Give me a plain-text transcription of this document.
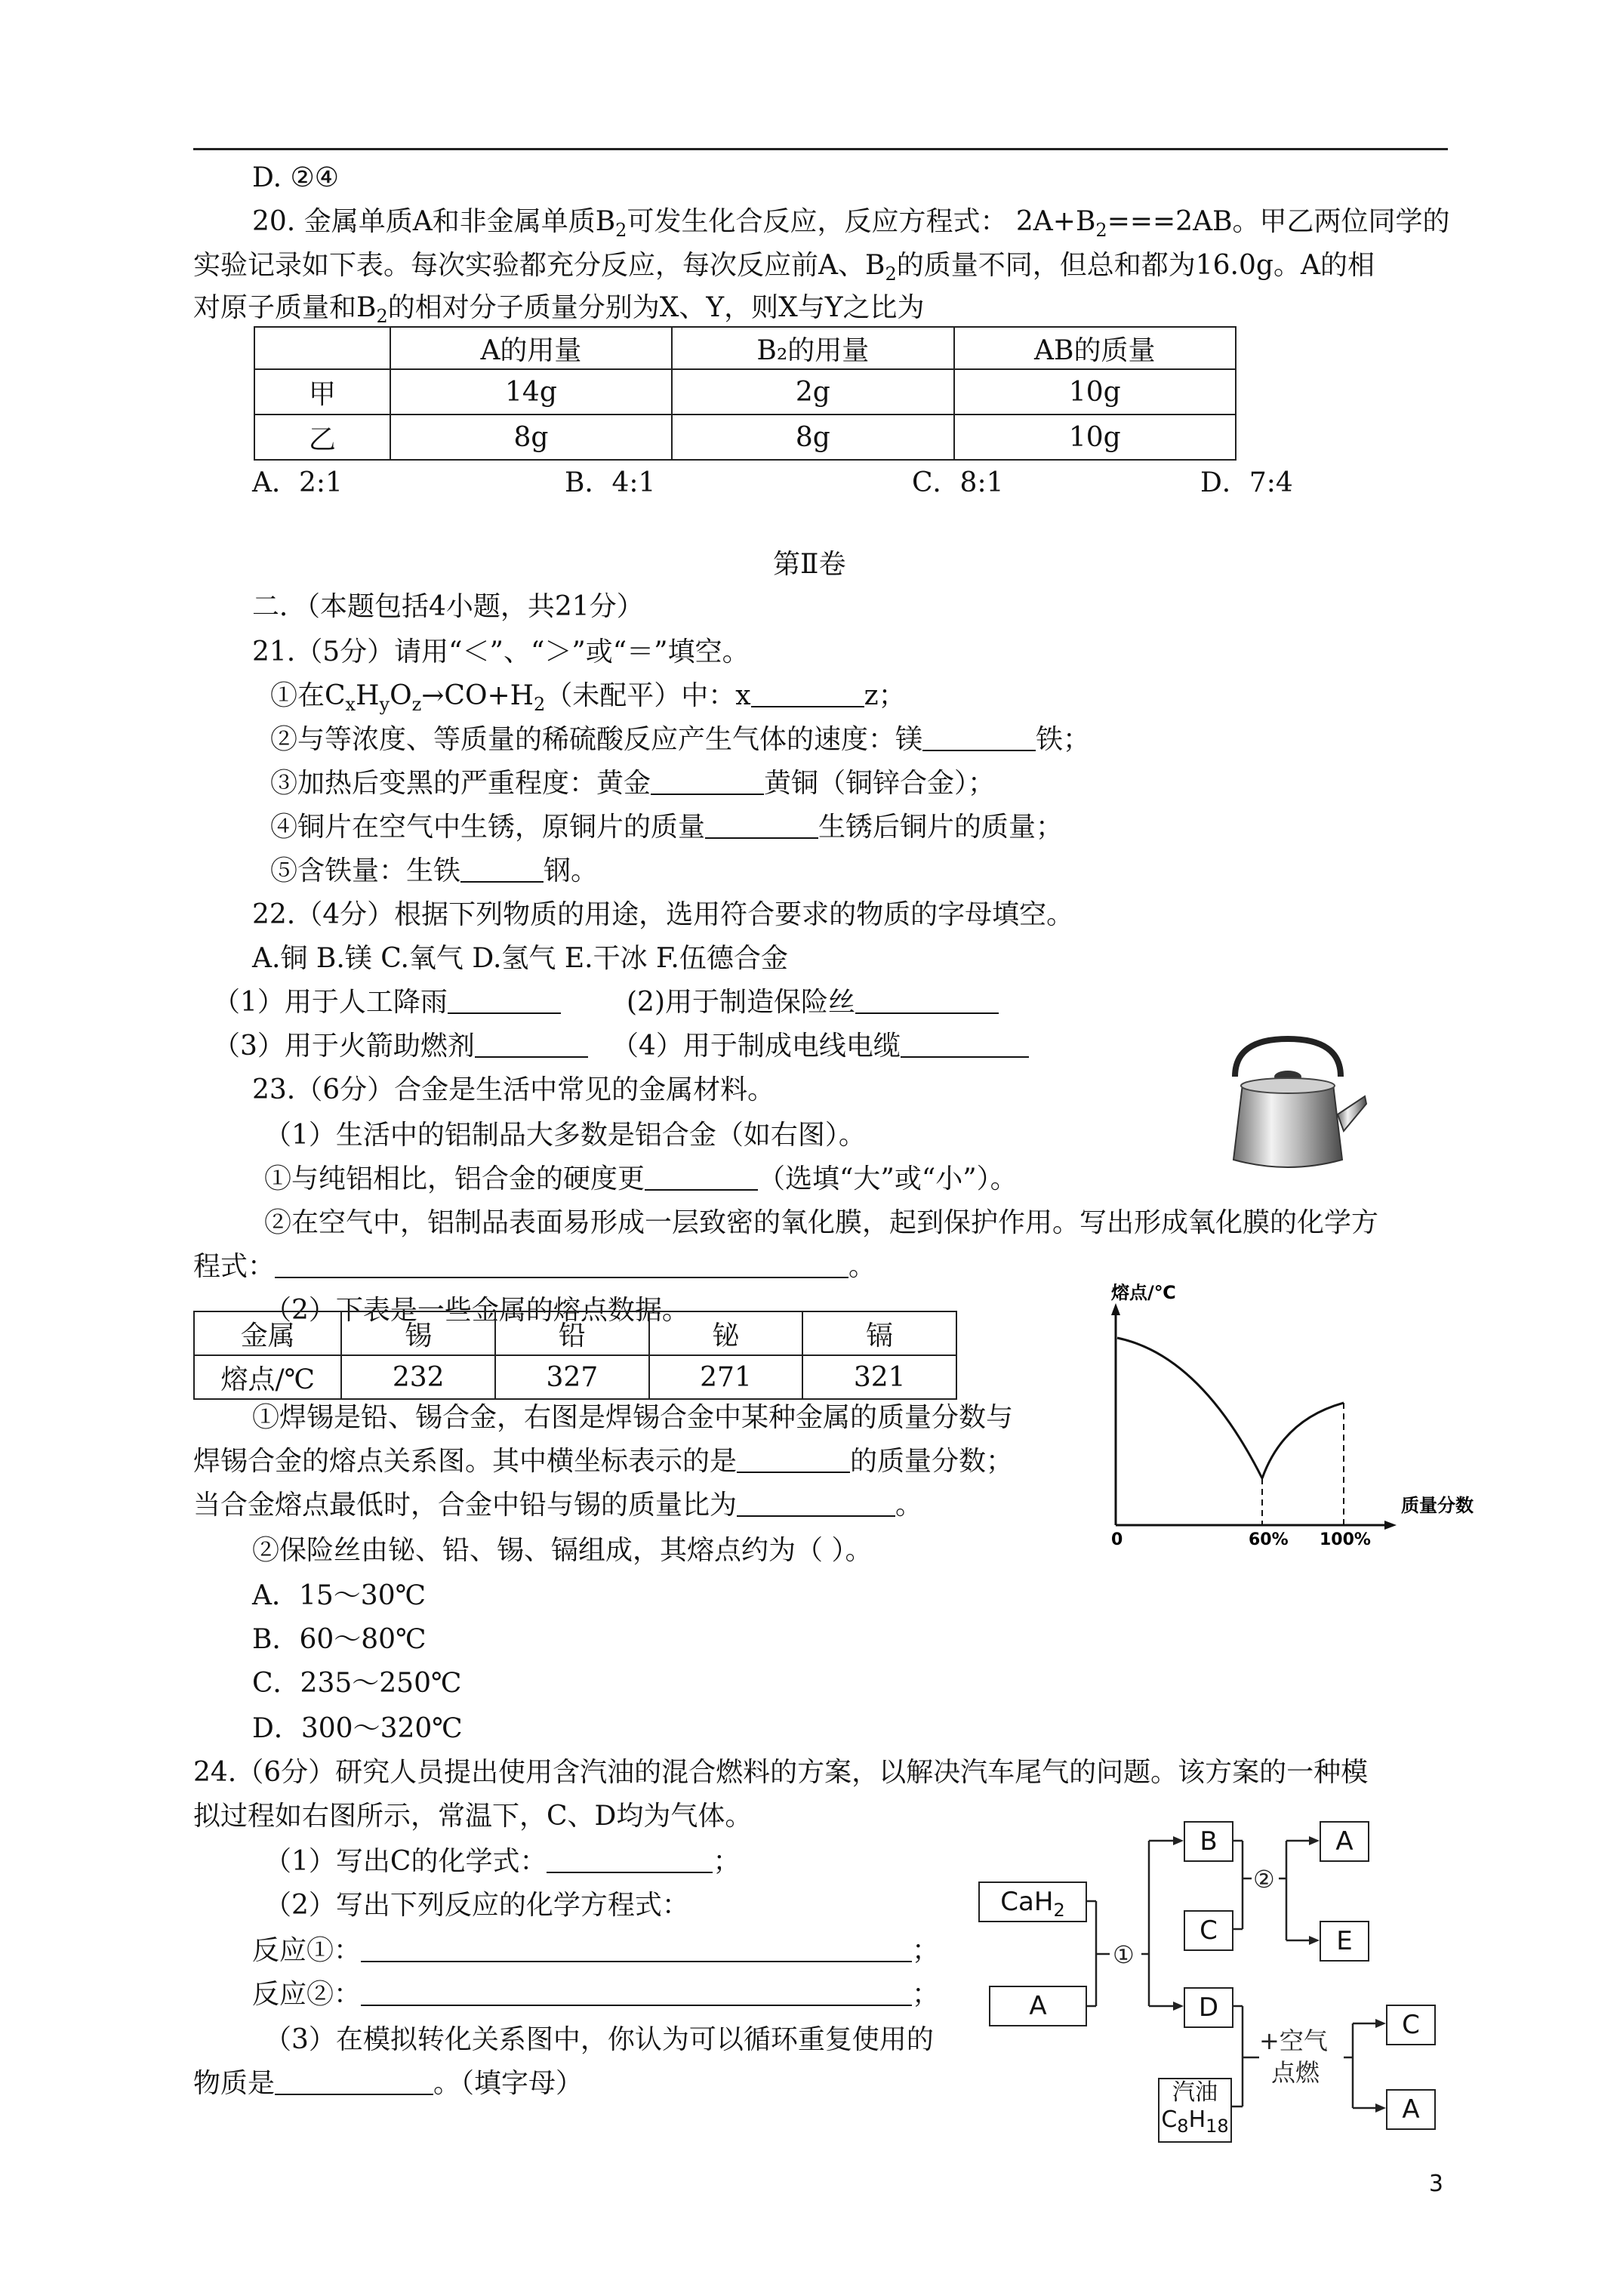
D. ②④
20. 金属单质A和非金属单质$B_2$可发生化合反应，反应方程式： $2A+B_2===2AB$。甲乙两位同学的
实验记录如下表。每次实验都充分反应，每次反应前A、$B_2$的质量不同，但总和都为16.0g。A的相
对原子质量和$B_2$的相对分子质量分别为X、Y，则X与Y之比为
	A的用量	B₂的用量	AB的质量
甲	14g	2g	10g
乙	8g	8g	10g
A．2:1	B．4:1	C．8:1	D．7:4
第Ⅱ卷
二．（本题包括4小题，共21分）
21.（5分）请用“＜”、“＞”或“＝”填空。
①在$C_xH_yO_z\to CO+H_2$（未配平）中：x	z；
②与等浓度、等质量的稀硫酸反应产生气体的速度：镁	铁；
③加热后变黑的严重程度：黄金	黄铜（铜锌合金）；
④铜片在空气中生锈，原铜片的质量	生锈后铜片的质量；
⑤含铁量：生铁	钢。
22.（4分）根据下列物质的用途，选用符合要求的物质的字母填空。
A.铜 B.镁 C.氧气 D.氢气 E.干冰 F.伍德合金
（1）用于人工降雨	(2)用于制造保险丝
（3）用于火箭助燃剂	（4）用于制成电线电缆
23.（6分）合金是生活中常见的金属材料。
（1）生活中的铝制品大多数是铝合金（如右图）。
①与纯铝相比，铝合金的硬度更	（选填“大”或“小”）。
②在空气中，铝制品表面易形成一层致密的氧化膜，起到保护作用。写出形成氧化膜的化学方
程式：	。
（2）下表是一些金属的熔点数据。
金属	锡	铅	铋	镉
熔点/℃	232	327	271	321
熔点/℃
质量分数
0	60% 100%
①焊锡是铅、锡合金，右图是焊锡合金中某种金属的质量分数与
焊锡合金的熔点关系图。其中横坐标表示的是	的质量分数；
当合金熔点最低时，合金中铅与锡的质量比为	。
②保险丝由铋、铅、锡、镉组成，其熔点约为（ ）。
A．15～30℃
B．60～80℃
C．235～250℃
D．300～320℃
24.（6分）研究人员提出使用含汽油的混合燃料的方案，以解决汽车尾气的问题。该方案的一种模
拟过程如右图所示，常温下，C、D均为气体。
（1）写出C的化学式：	；
（2）写出下列反应的化学方程式：
反应①：	；
反应②：	；
（3）在模拟转化关系图中，你认为可以循环重复使用的
物质是	。（填字母）
①
②
+空气
点燃
CaH$_2$
A
B
C
D
A
E
C
A
汽油
$C_8H_{18}$
3
